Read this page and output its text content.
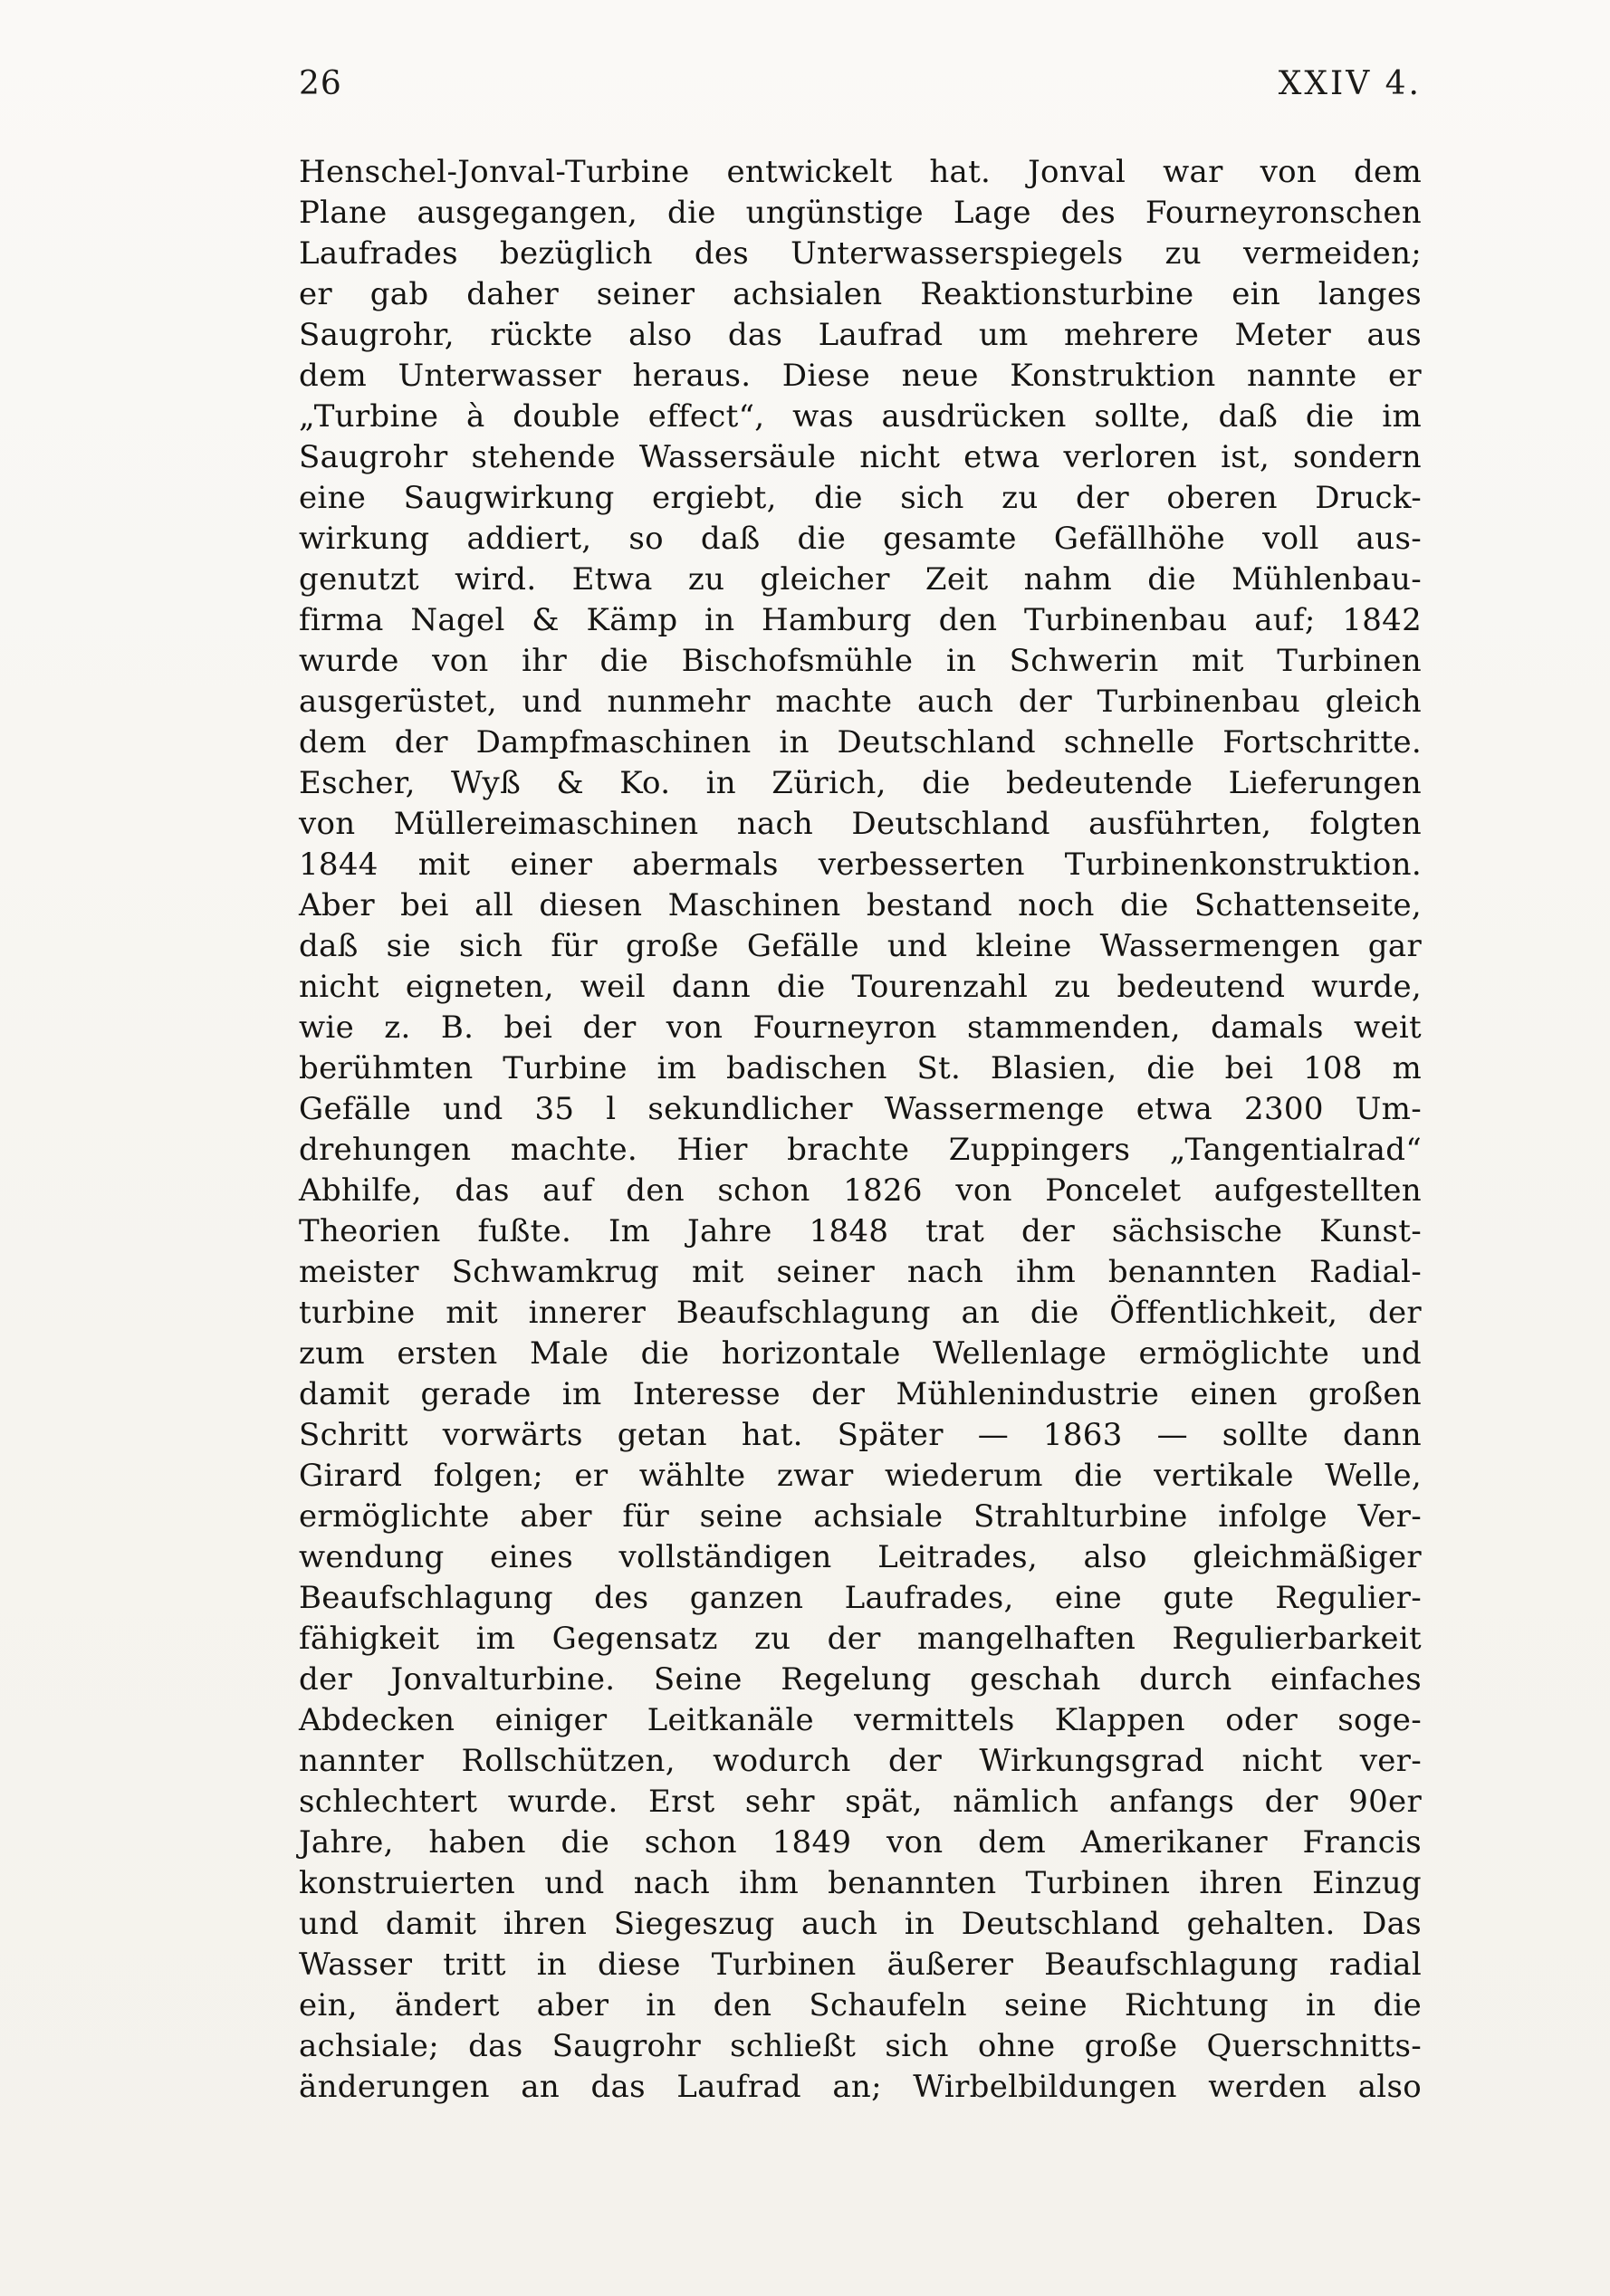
26	XXIV 4.
Henschel-Jonval-Turbine entwickelt hat. Jonval war von dem
Plane ausgegangen, die ungünstige Lage des Fourneyronschen
Laufrades bezüglich des Unterwasserspiegels zu vermeiden;
er gab daher seiner achsialen Reaktionsturbine ein langes
Saugrohr, rückte also das Laufrad um mehrere Meter aus
dem Unterwasser heraus. Diese neue Konstruktion nannte er
„Turbine à double effect“, was ausdrücken sollte, daß die im
Saugrohr stehende Wassersäule nicht etwa verloren ist, sondern
eine Saugwirkung ergiebt, die sich zu der oberen Druck-
wirkung addiert, so daß die gesamte Gefällhöhe voll aus-
genutzt wird. Etwa zu gleicher Zeit nahm die Mühlenbau-
firma Nagel & Kämp in Hamburg den Turbinenbau auf; 1842
wurde von ihr die Bischofsmühle in Schwerin mit Turbinen
ausgerüstet, und nunmehr machte auch der Turbinenbau gleich
dem der Dampfmaschinen in Deutschland schnelle Fortschritte.
Escher, Wyß & Ko. in Zürich, die bedeutende Lieferungen
von Müllereimaschinen nach Deutschland ausführten, folgten
1844 mit einer abermals verbesserten Turbinenkonstruktion.
Aber bei all diesen Maschinen bestand noch die Schattenseite,
daß sie sich für große Gefälle und kleine Wassermengen gar
nicht eigneten, weil dann die Tourenzahl zu bedeutend wurde,
wie z. B. bei der von Fourneyron stammenden, damals weit
berühmten Turbine im badischen St. Blasien, die bei 108 m
Gefälle und 35 l sekundlicher Wassermenge etwa 2300 Um-
drehungen machte. Hier brachte Zuppingers „Tangentialrad“
Abhilfe, das auf den schon 1826 von Poncelet aufgestellten
Theorien fußte. Im Jahre 1848 trat der sächsische Kunst-
meister Schwamkrug mit seiner nach ihm benannten Radial-
turbine mit innerer Beaufschlagung an die Öffentlichkeit, der
zum ersten Male die horizontale Wellenlage ermöglichte und
damit gerade im Interesse der Mühlenindustrie einen großen
Schritt vorwärts getan hat. Später — 1863 — sollte dann
Girard folgen; er wählte zwar wiederum die vertikale Welle,
ermöglichte aber für seine achsiale Strahlturbine infolge Ver-
wendung eines vollständigen Leitrades, also gleichmäßiger
Beaufschlagung des ganzen Laufrades, eine gute Regulier-
fähigkeit im Gegensatz zu der mangelhaften Regulierbarkeit
der Jonvalturbine. Seine Regelung geschah durch einfaches
Abdecken einiger Leitkanäle vermittels Klappen oder soge-
nannter Rollschützen, wodurch der Wirkungsgrad nicht ver-
schlechtert wurde. Erst sehr spät, nämlich anfangs der 90er
Jahre, haben die schon 1849 von dem Amerikaner Francis
konstruierten und nach ihm benannten Turbinen ihren Einzug
und damit ihren Siegeszug auch in Deutschland gehalten. Das
Wasser tritt in diese Turbinen äußerer Beaufschlagung radial
ein, ändert aber in den Schaufeln seine Richtung in die
achsiale; das Saugrohr schließt sich ohne große Querschnitts-
änderungen an das Laufrad an; Wirbelbildungen werden also
